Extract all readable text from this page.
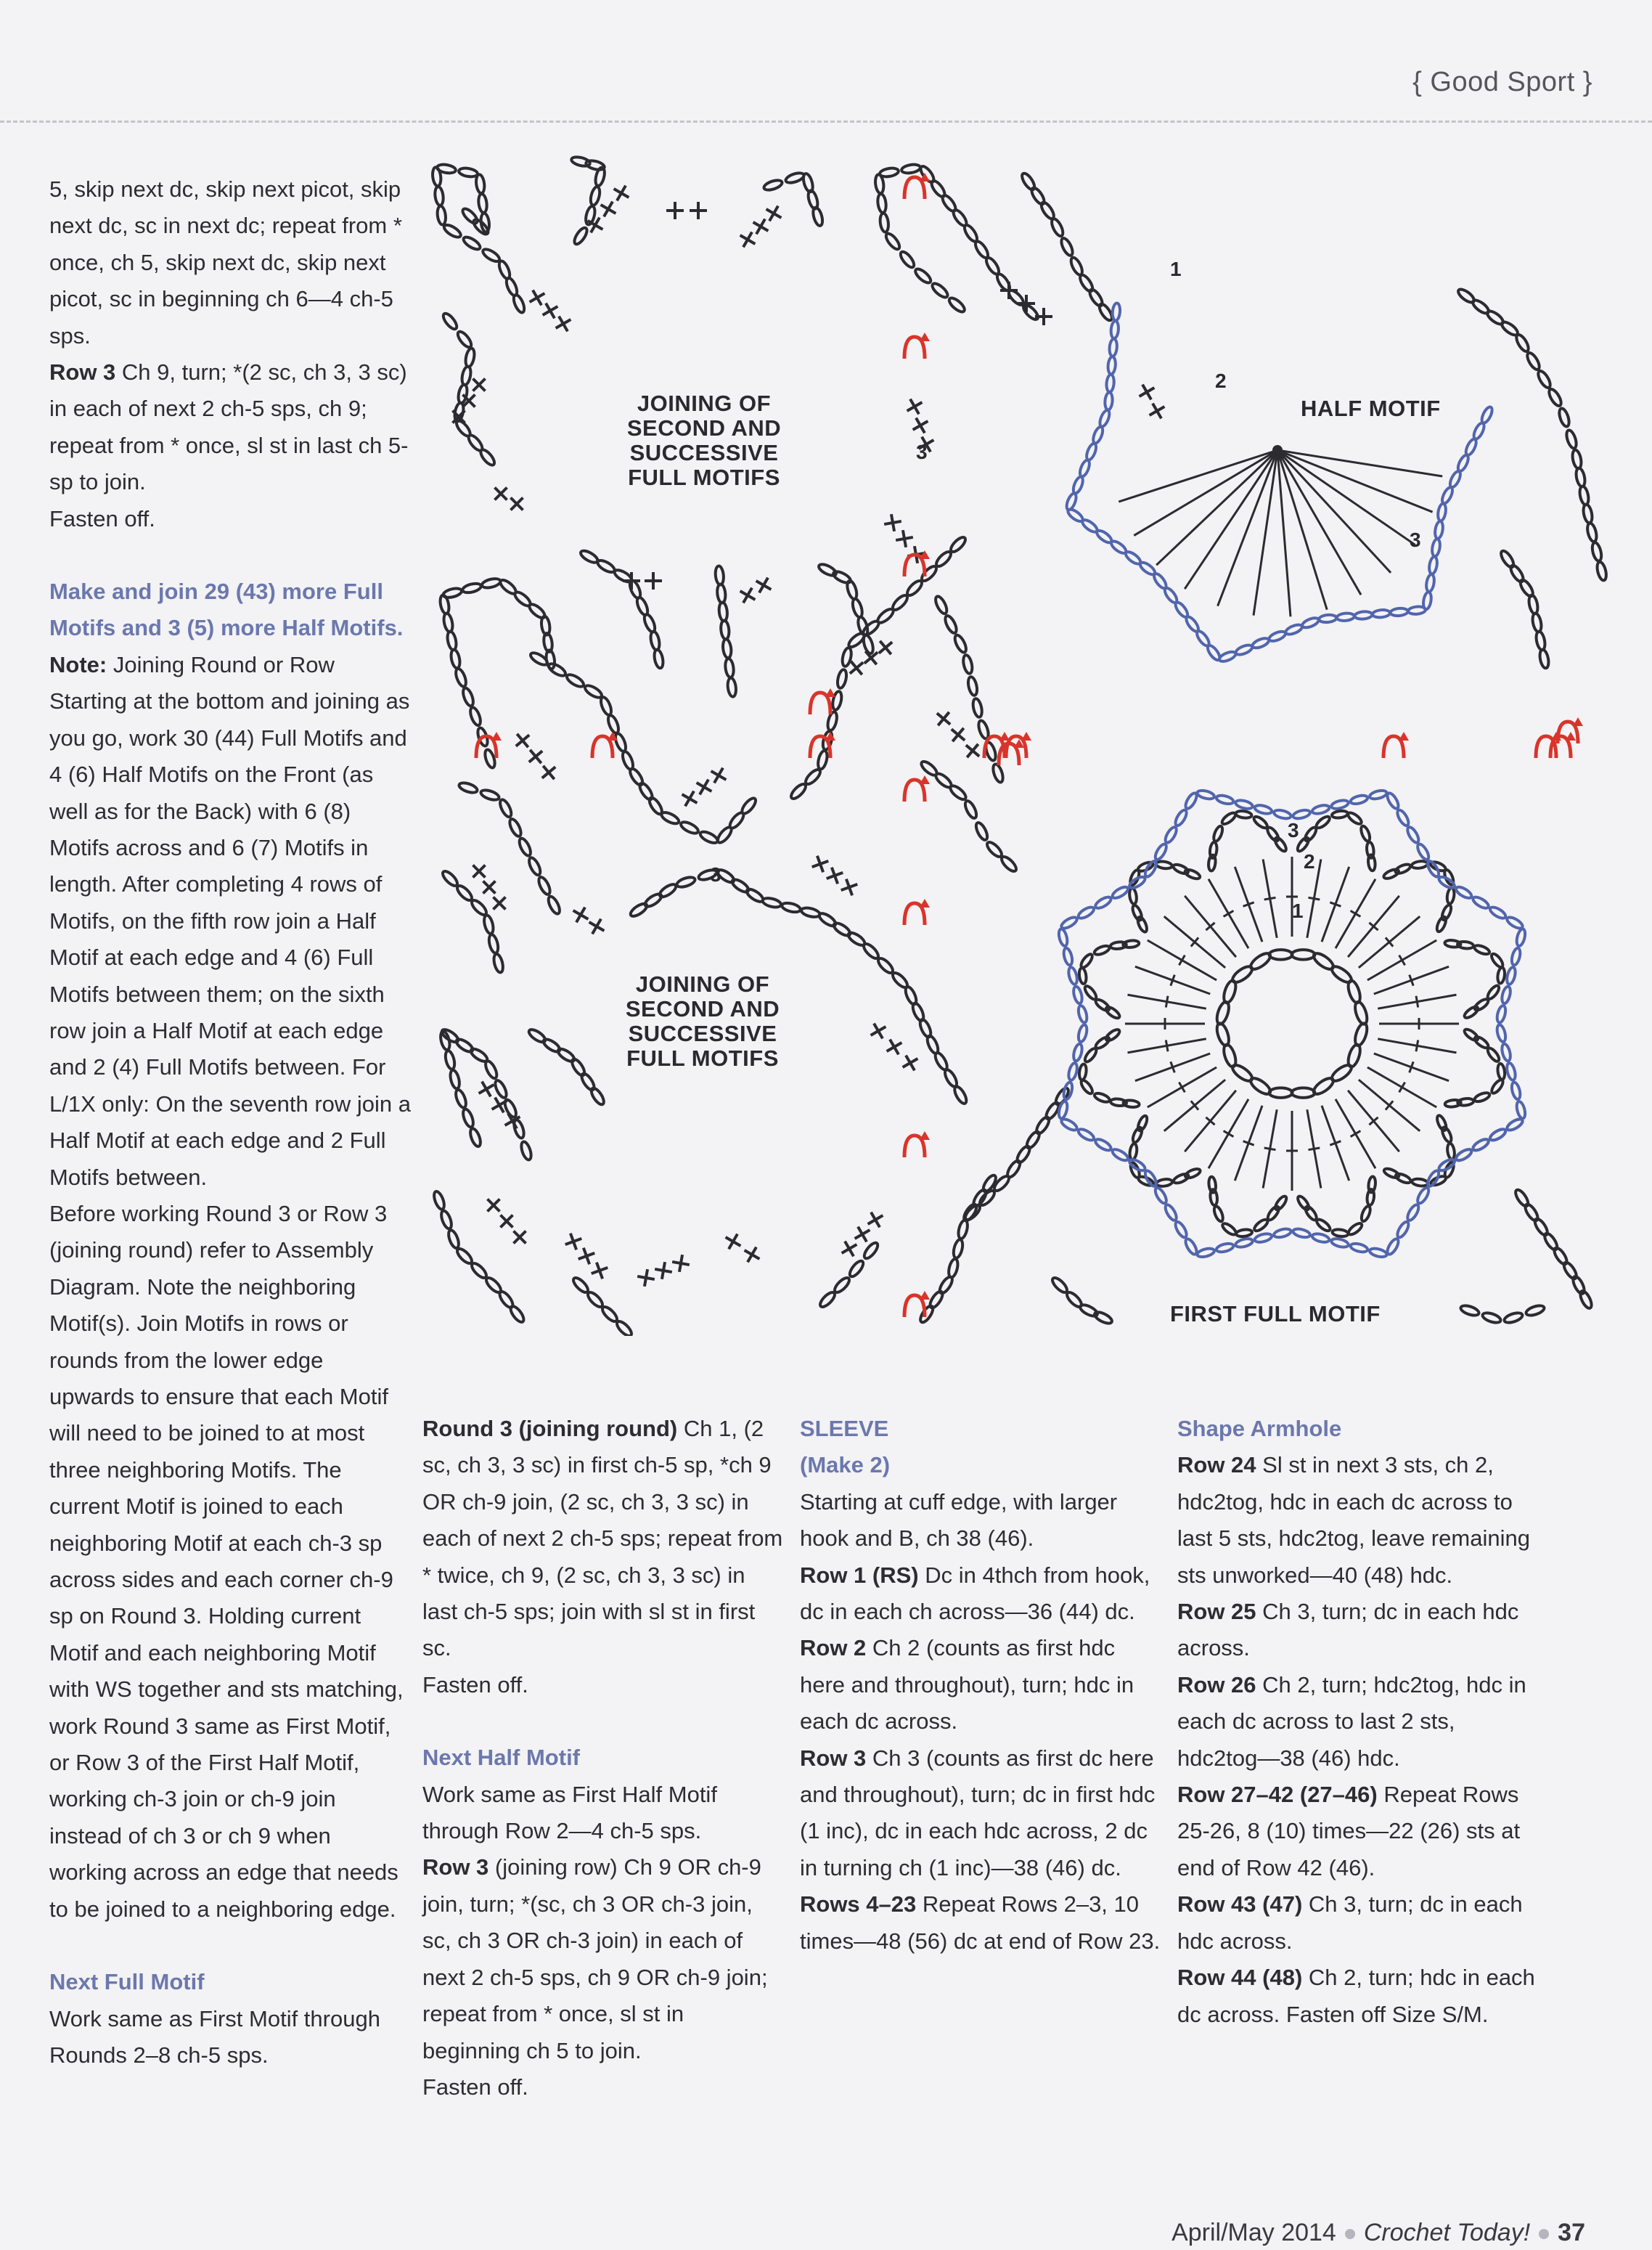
{ Good Sport }

5, skip next dc, skip next picot, skip next dc, sc in next dc; repeat from * once, ch 5, skip next dc, skip next picot, sc in beginning ch 6—4 ch-5 sps.

Row 3 Ch 9, turn; *(2 sc, ch 3, 3 sc) in each of next 2 ch-5 sps, ch 9; repeat from * once, sl st in last ch 5-sp to join.

Fasten off.

Make and join 29 (43) more Full Motifs and 3 (5) more Half Motifs.

Note: Joining Round or Row Starting at the bottom and joining as you go, work 30 (44) Full Motifs and 4 (6) Half Motifs on the Front (as well as for the Back) with 6 (8) Motifs across and 6 (7) Motifs in length. After completing 4 rows of Motifs, on the fifth row join a Half Motif at each edge and 4 (6) Full Motifs between them; on the sixth row join a Half Motif at each edge and 2 (4) Full Motifs between. For L/1X only: On the seventh row join a Half Motif at each edge and 2 Full Motifs between.

Before working Round 3 or Row 3 (joining round) refer to Assembly Diagram. Note the neighboring Motif(s). Join Motifs in rows or rounds from the lower edge upwards to ensure that each Motif will need to be joined to at most three neighboring Motifs. The current Motif is joined to each neighboring Motif at each ch-3 sp across sides and each corner ch-9 sp on Round 3. Holding current Motif and each neighboring Motif with WS together and sts matching, work Round 3 same as First Motif, or Row 3 of the First Half Motif, working ch-3 join or ch-9 join instead of ch 3 or ch 9 when working across an edge that needs to be joined to a neighboring edge.

Next Full Motif

Work same as First Motif through Rounds 2–8 ch-5 sps.

Round 3 (joining round) Ch 1, (2 sc, ch 3, 3 sc) in first ch-5 sp, *ch 9 OR ch-9 join, (2 sc, ch 3, 3 sc) in each of next 2 ch-5 sps; repeat from * twice, ch 9, (2 sc, ch 3, 3 sc) in last ch-5 sps; join with sl st in first sc.

Fasten off.

Next Half Motif

Work same as First Half Motif through Row 2—4 ch-5 sps.

Row 3 (joining row) Ch 9 OR ch-9 join, turn; *(sc, ch 3 OR ch-3 join, sc, ch 3 OR ch-3 join) in each of next 2 ch-5 sps, ch 9 OR ch-9 join; repeat from * once, sl st in beginning ch 5 to join.

Fasten off.

SLEEVE

(Make 2)

Starting at cuff edge, with larger hook and B, ch 38 (46).

Row 1 (RS) Dc in 4thch from hook, dc in each ch across—36 (44) dc.

Row 2 Ch 2 (counts as first hdc here and throughout), turn; hdc in each dc across.

Row 3 Ch 3 (counts as first dc here and throughout), turn; dc in first hdc (1 inc), dc in each hdc across, 2 dc in turning ch (1 inc)—38 (46) dc.

Rows 4–23 Repeat Rows 2–3, 10 times—48 (56) dc at end of Row 23.

Shape Armhole

Row 24 Sl st in next 3 sts, ch 2, hdc2tog, hdc in each dc across to last 5 sts, hdc2tog, leave remaining sts unworked—40 (48) hdc.

Row 25 Ch 3, turn; dc in each hdc across.

Row 26 Ch 2, turn; hdc2tog, hdc in each dc across to last 2 sts, hdc2tog—38 (46) hdc.

Row 27–42 (27–46) Repeat Rows 25-26, 8 (10) times—22 (26) sts at end of Row 42 (46).

Row 43 (47) Ch 3, turn; dc in each hdc across.

Row 44 (48) Ch 2, turn; hdc in each dc across. Fasten off Size S/M.

JOINING OF
SECOND AND
SUCCESSIVE
FULL MOTIFS
JOINING OF
SECOND AND
SUCCESSIVE
FULL MOTIFS
HALF MOTIF
FIRST FULL MOTIF
1
2
3
3
2
1
3
3
April/May 2014 Crochet Today! 37
